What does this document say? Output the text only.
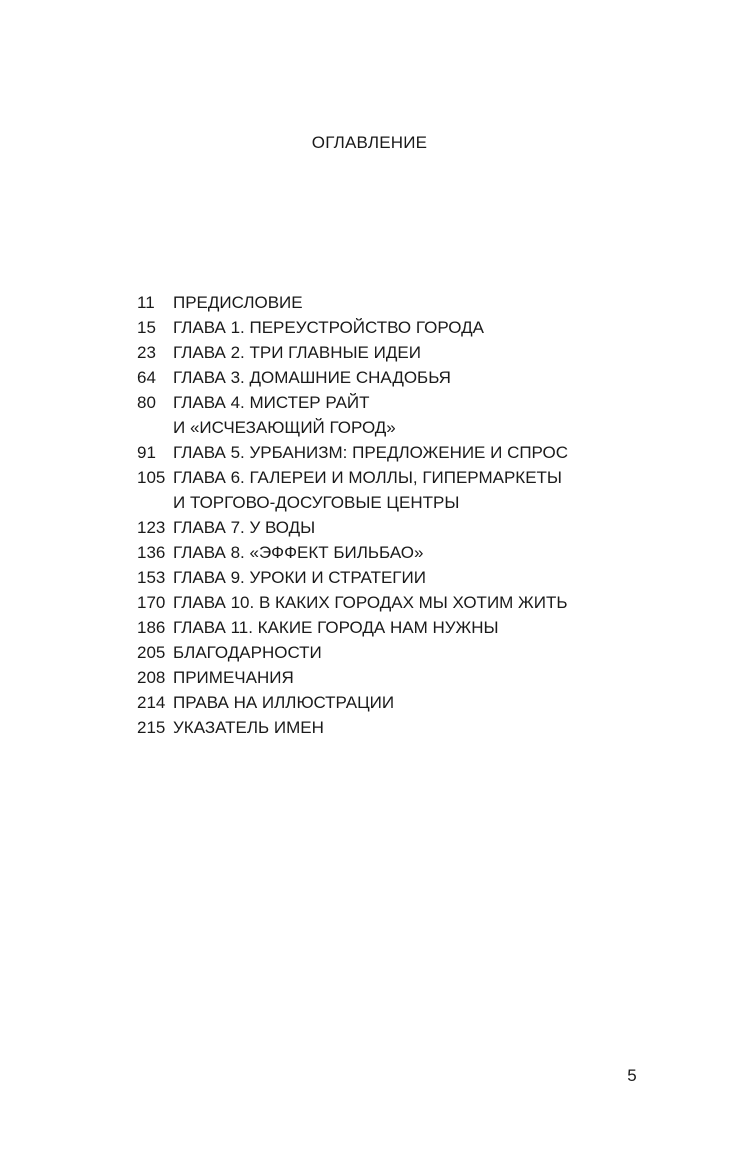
ОГЛАВЛЕНИЕ
11	ПРЕДИСЛОВИЕ
15	ГЛАВА 1. ПЕРЕУСТРОЙСТВО ГОРОДА
23	ГЛАВА 2. ТРИ ГЛАВНЫЕ ИДЕИ
64	ГЛАВА 3. ДОМАШНИЕ СНАДОБЬЯ
80	ГЛАВА 4. МИСТЕР РАЙТ
И «ИСЧЕЗАЮЩИЙ ГОРОД»
91	ГЛАВА 5. УРБАНИЗМ: ПРЕДЛОЖЕНИЕ И СПРОС
105 ГЛАВА 6. ГАЛЕРЕИ И МОЛЛЫ, ГИПЕРМАРКЕТЫ
И ТОРГОВО-ДОСУГОВЫЕ ЦЕНТРЫ
123 ГЛАВА 7. У ВОДЫ
136 ГЛАВА 8. «ЭФФЕКТ БИЛЬБАО»
153 ГЛАВА 9. УРОКИ И СТРАТЕГИИ
170 ГЛАВА 10. В КАКИХ ГОРОДАХ МЫ ХОТИМ ЖИТЬ
186 ГЛАВА 11. КАКИЕ ГОРОДА НАМ НУЖНЫ
205 БЛАГОДАРНОСТИ
208 ПРИМЕЧАНИЯ
214 ПРАВА НА ИЛЛЮСТРАЦИИ
215 УКАЗАТЕЛЬ ИМЕН
5
